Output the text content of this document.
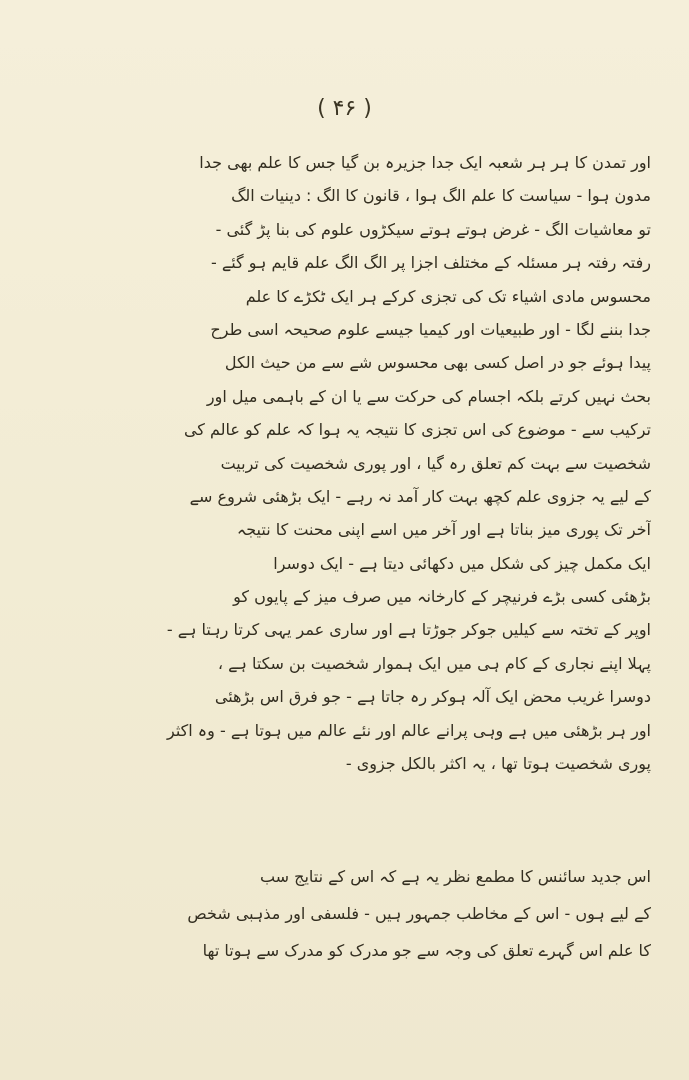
( ۴۶ )
اور تمدن کا ہر ہر شعبہ ایک جدا جزیرہ بن گیا جس کا علم بھی جدا
مدون ہوا - سیاست کا علم الگ ہوا ، قانون کا الگ : دینیات الگ
تو معاشیات الگ - غرض ہوتے ہوتے سیکڑوں علوم کی بنا پڑ گئی -
رفتہ رفتہ ہر مسئلہ کے مختلف اجزا پر الگ الگ علم قایم ہو گئے -
محسوس مادی اشیاء تک کی تجزی کرکے ہر ایک ٹکڑے کا علم
جدا بننے لگا - اور طبیعیات اور کیمیا جیسے علوم صحیحہ اسی طرح
پیدا ہوئے جو در اصل کسی بھی محسوس شے سے من حیث الکل
بحث نہیں کرتے بلکہ اجسام کی حرکت سے یا ان کے باہمی میل اور
ترکیب سے - موضوع کی اس تجزی کا نتیجہ یہ ہوا کہ علم کو عالم کی
شخصیت سے بہت کم تعلق رہ گیا ، اور پوری شخصیت کی تربیت
کے لیے یہ جزوی علم کچھ بہت کار آمد نہ رہے - ایک بڑھئی شروع سے
آخر تک پوری میز بناتا ہے اور آخر میں اسے اپنی محنت کا نتیجہ
ایک مکمل چیز کی شکل میں دکھائی دیتا ہے - ایک دوسرا
بڑھئی کسی بڑے فرنیچر کے کارخانہ میں صرف میز کے پایوں کو
اوپر کے تختہ سے کیلیں جوکر جوڑتا ہے اور ساری عمر یہی کرتا رہتا ہے -
پہلا اپنے نجاری کے کام ہی میں ایک ہموار شخصیت بن سکتا ہے ،
دوسرا غریب محض ایک آلہ ہوکر رہ جاتا ہے - جو فرق اس بڑھئی
اور ہر بڑھئی میں ہے وہی پرانے عالم اور نئے عالم میں ہوتا ہے - وہ اکثر
پوری شخصیت ہوتا تھا ، یہ اکثر بالکل جزوی -
اس جدید سائنس کا مطمع نظر یہ ہے کہ اس کے نتایج سب
کے لیے ہوں - اس کے مخاطب جمہور ہیں - فلسفی اور مذہبی شخص
کا علم اس گہرے تعلق کی وجہ سے جو مدرک کو مدرک سے ہوتا تھا
